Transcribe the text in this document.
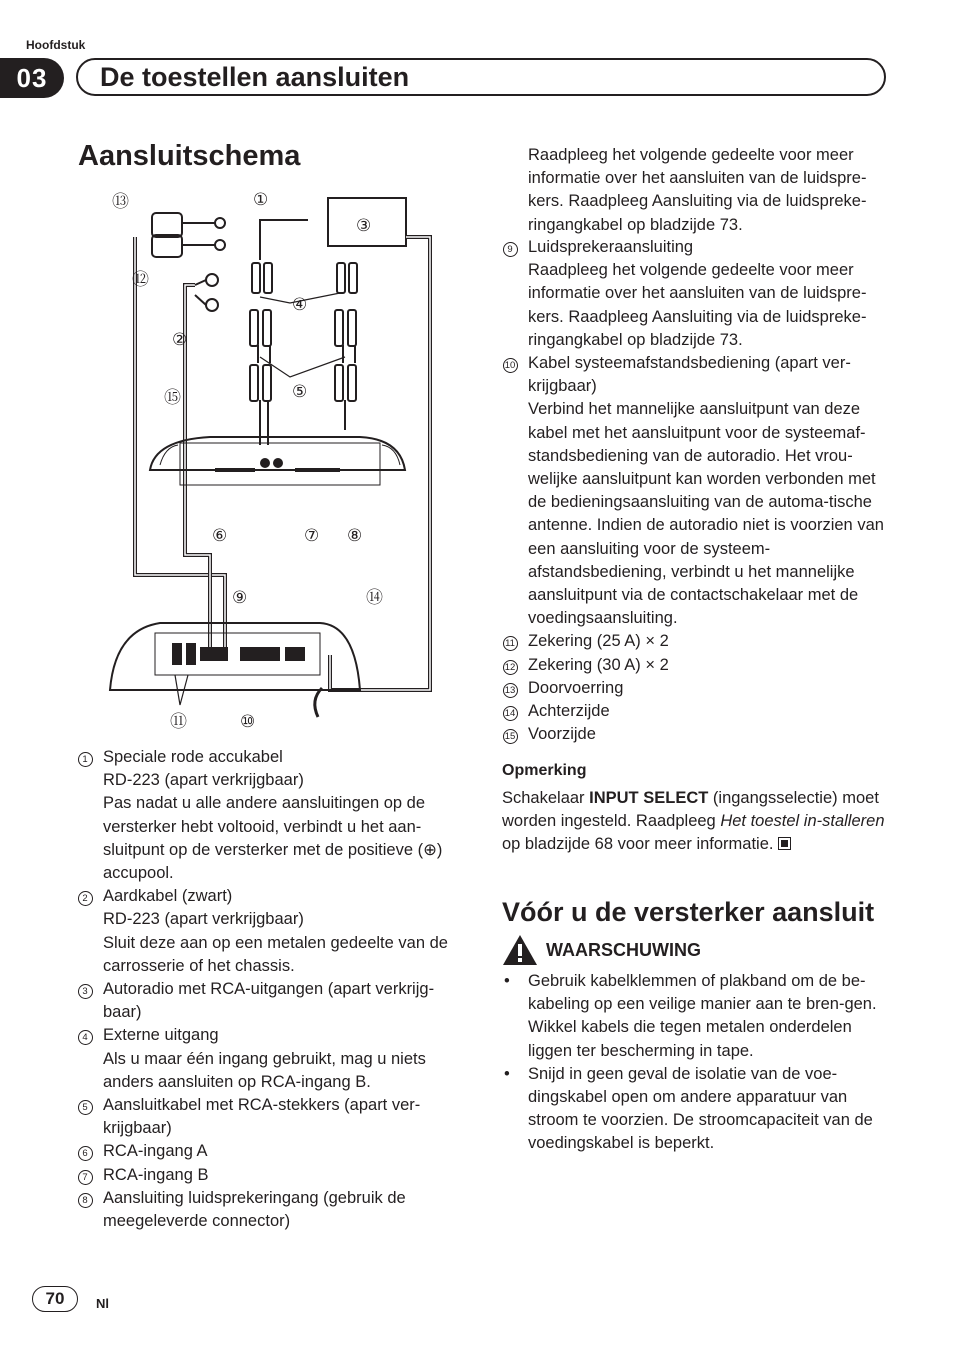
Hoofdstuk
03	De toestellen aansluiten
Aansluitschema
⑬	①
⑫
③
④
②
⑤
⑮
⑥	⑦ ⑧
⑨	⑭
⑪	⑩
1 Speciale rode accukabel
RD-223 (apart verkrijgbaar)
Pas nadat u alle andere aansluitingen op de versterker hebt voltooid, verbindt u het aan-sluitpunt op de versterker met de positieve (⊕) accupool.
2 Aardkabel (zwart)
RD-223 (apart verkrijgbaar)
Sluit deze aan op een metalen gedeelte van de carrosserie of het chassis.
3 Autoradio met RCA-uitgangen (apart verkrijg-baar)
4 Externe uitgang
Als u maar één ingang gebruikt, mag u niets anders aansluiten op RCA-ingang B.
5 Aansluitkabel met RCA-stekkers (apart ver-krijgbaar)
6 RCA-ingang A
7 RCA-ingang B
8 Aansluiting luidsprekeringang (gebruik de meegeleverde connector)

Raadpleeg het volgende gedeelte voor meer informatie over het aansluiten van de luidspre-kers. Raadpleeg Aansluiting via de luidspreke-ringangkabel op bladzijde 73.

9 Luidsprekeraansluiting
Raadpleeg het volgende gedeelte voor meer informatie over het aansluiten van de luidspre-kers. Raadpleeg Aansluiting via de luidspreke-ringangkabel op bladzijde 73.
10 Kabel systeemafstandsbediening (apart ver-krijgbaar)
Verbind het mannelijke aansluitpunt van deze kabel met het aansluitpunt voor de systeemaf-standsbediening van de autoradio. Het vrou-welijke aansluitpunt kan worden verbonden met de bedieningsaansluiting van de automa-tische antenne. Indien de autoradio niet is voorzien van een aansluiting voor de systeem-afstandsbediening, verbindt u het mannelijke aansluitpunt via de contactschakelaar met de voedingsaansluiting.
11 Zekering (25 A) × 2
12 Zekering (30 A) × 2
13 Doorvoerring
14 Achterzijde
15 Voorzijde
Opmerking

Schakelaar INPUT SELECT (ingangsselectie) moet worden ingesteld. Raadpleeg Het toestel in-stalleren op bladzijde 68 voor meer informatie.

Vóór u de versterker aansluit
WAARSCHUWING
• Gebruik kabelklemmen of plakband om de be-kabeling op een veilige manier aan te bren-gen. Wikkel kabels die tegen metalen onderdelen liggen ter bescherming in tape.
• Snijd in geen geval de isolatie van de voe-dingskabel open om andere apparatuur van stroom te voorzien. De stroomcapaciteit van de voedingskabel is beperkt.
70	Nl
